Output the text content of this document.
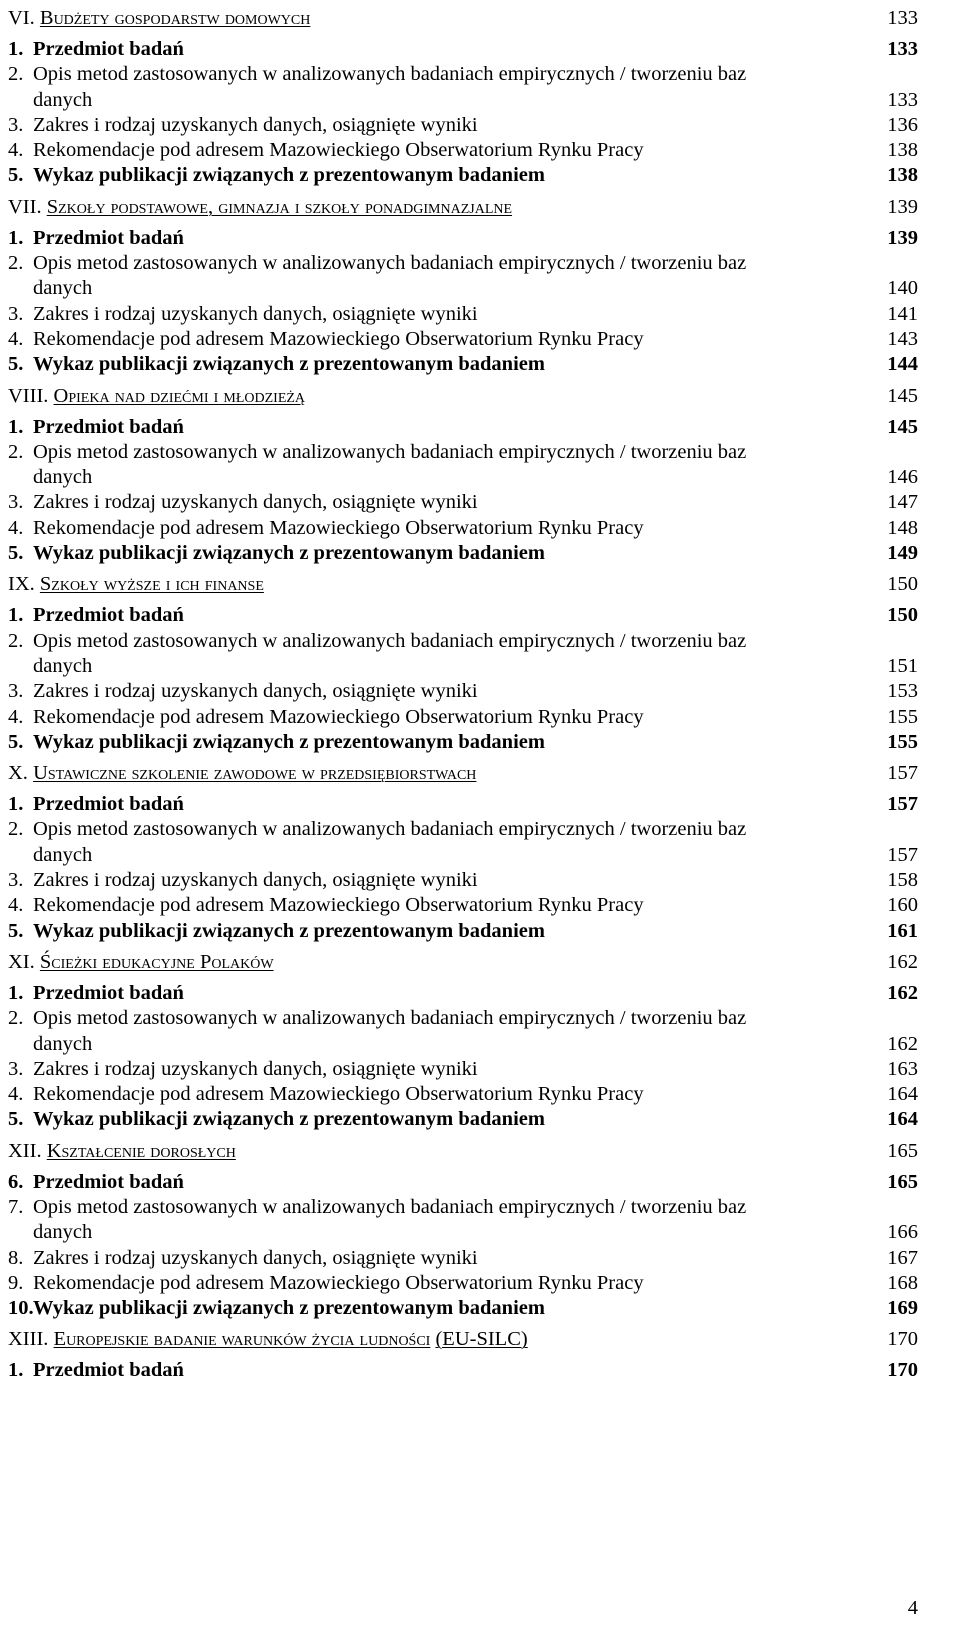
VI. Budżety gospodarstw domowych	133
1. Przedmiot badań	133
2. Opis metod zastosowanych w analizowanych badaniach empirycznych / tworzeniu baz
danych	133
3. Zakres i rodzaj uzyskanych danych, osiągnięte wyniki	136
4. Rekomendacje pod adresem Mazowieckiego Obserwatorium Rynku Pracy	138
5. Wykaz publikacji związanych z prezentowanym badaniem	138
VII. Szkoły podstawowe, gimnazja i szkoły ponadgimnazjalne	139
1. Przedmiot badań	139
2. Opis metod zastosowanych w analizowanych badaniach empirycznych / tworzeniu baz
danych	140
3. Zakres i rodzaj uzyskanych danych, osiągnięte wyniki	141
4. Rekomendacje pod adresem Mazowieckiego Obserwatorium Rynku Pracy	143
5. Wykaz publikacji związanych z prezentowanym badaniem	144
VIII. Opieka nad dziećmi i młodzieżą	145
1. Przedmiot badań	145
2. Opis metod zastosowanych w analizowanych badaniach empirycznych / tworzeniu baz
danych	146
3. Zakres i rodzaj uzyskanych danych, osiągnięte wyniki	147
4. Rekomendacje pod adresem Mazowieckiego Obserwatorium Rynku Pracy	148
5. Wykaz publikacji związanych z prezentowanym badaniem	149
IX. Szkoły wyższe i ich finanse	150
1. Przedmiot badań	150
2. Opis metod zastosowanych w analizowanych badaniach empirycznych / tworzeniu baz
danych	151
3. Zakres i rodzaj uzyskanych danych, osiągnięte wyniki	153
4. Rekomendacje pod adresem Mazowieckiego Obserwatorium Rynku Pracy	155
5. Wykaz publikacji związanych z prezentowanym badaniem	155
X. Ustawiczne szkolenie zawodowe w przedsiębiorstwach	157
1. Przedmiot badań	157
2. Opis metod zastosowanych w analizowanych badaniach empirycznych / tworzeniu baz
danych	157
3. Zakres i rodzaj uzyskanych danych, osiągnięte wyniki	158
4. Rekomendacje pod adresem Mazowieckiego Obserwatorium Rynku Pracy	160
5. Wykaz publikacji związanych z prezentowanym badaniem	161
XI. Ścieżki edukacyjne Polaków	162
1. Przedmiot badań	162
2. Opis metod zastosowanych w analizowanych badaniach empirycznych / tworzeniu baz
danych	162
3. Zakres i rodzaj uzyskanych danych, osiągnięte wyniki	163
4. Rekomendacje pod adresem Mazowieckiego Obserwatorium Rynku Pracy	164
5. Wykaz publikacji związanych z prezentowanym badaniem	164
XII. Kształcenie dorosłych	165
6. Przedmiot badań	165
7. Opis metod zastosowanych w analizowanych badaniach empirycznych / tworzeniu baz
danych	166
8. Zakres i rodzaj uzyskanych danych, osiągnięte wyniki	167
9. Rekomendacje pod adresem Mazowieckiego Obserwatorium Rynku Pracy	168
10. Wykaz publikacji związanych z prezentowanym badaniem	169
XIII. Europejskie badanie warunków życia ludności (EU-SILC)	170
1. Przedmiot badań	170
4
